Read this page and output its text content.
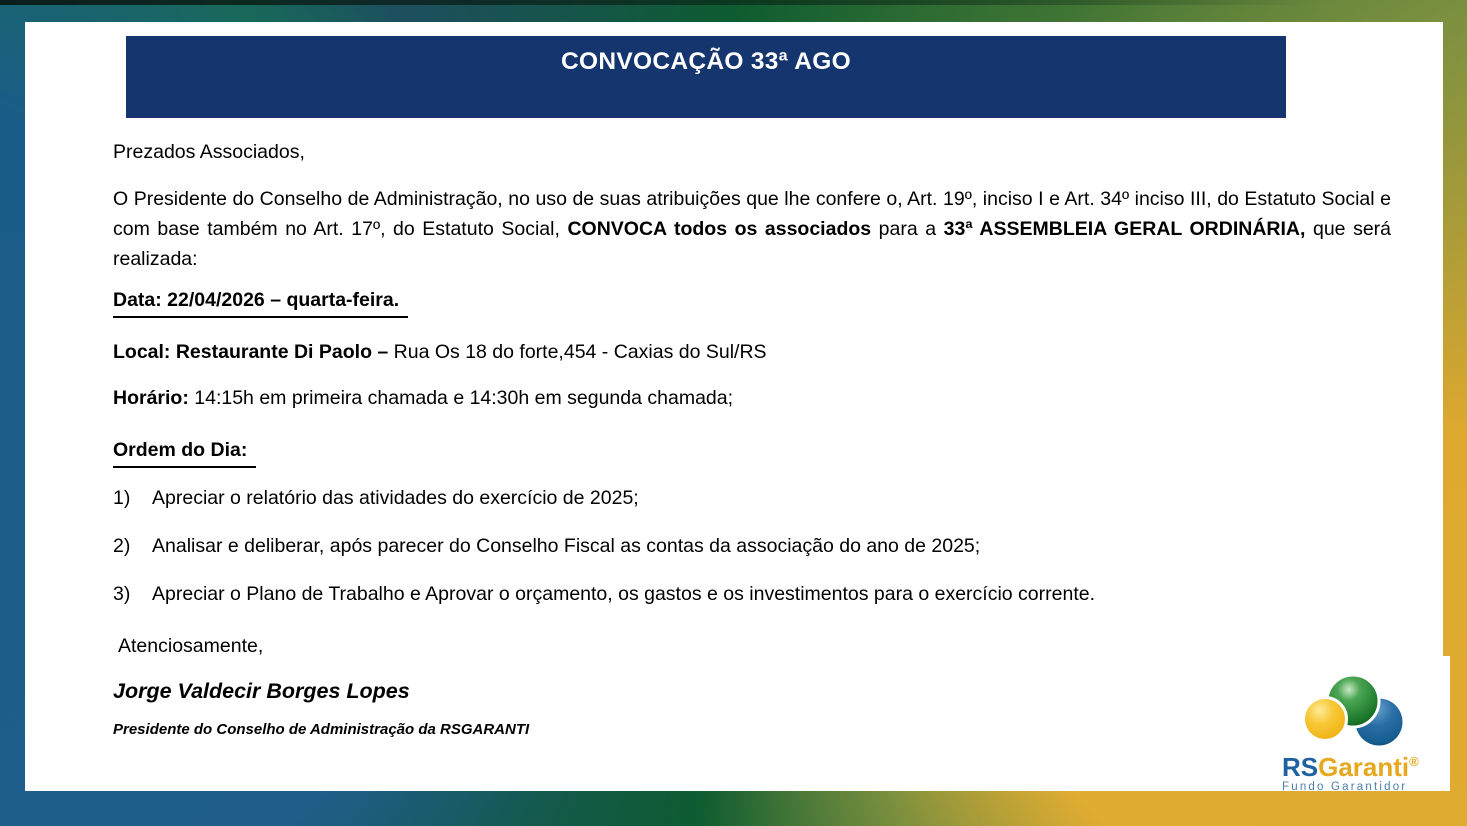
CONVOCAÇÃO 33ª AGO

Prezados Associados,

O Presidente do Conselho de Administração, no uso de suas atribuições que lhe confere o, Art. 19º, inciso I e Art. 34º inciso III, do Estatuto Social e com base também no Art. 17º, do Estatuto Social, CONVOCA todos os associados para a 33ª ASSEMBLEIA GERAL ORDINÁRIA, que será realizada:

Data: 22/04/2026 – quarta-feira.

Local: Restaurante Di Paolo – Rua Os 18 do forte,454 - Caxias do Sul/RS

Horário: 14:15h em primeira chamada e 14:30h em segunda chamada;

Ordem do Dia:

1)	Apreciar o relatório das atividades do exercício de 2025;
2)	Analisar e deliberar, após parecer do Conselho Fiscal as contas da associação do ano de 2025;
3)	Apreciar o Plano de Trabalho e Aprovar o orçamento, os gastos e os investimentos para o exercício corrente.

Atenciosamente,

Jorge Valdecir Borges Lopes

Presidente do Conselho de Administração da RSGARANTI

RSGaranti®
Fundo Garantidor
